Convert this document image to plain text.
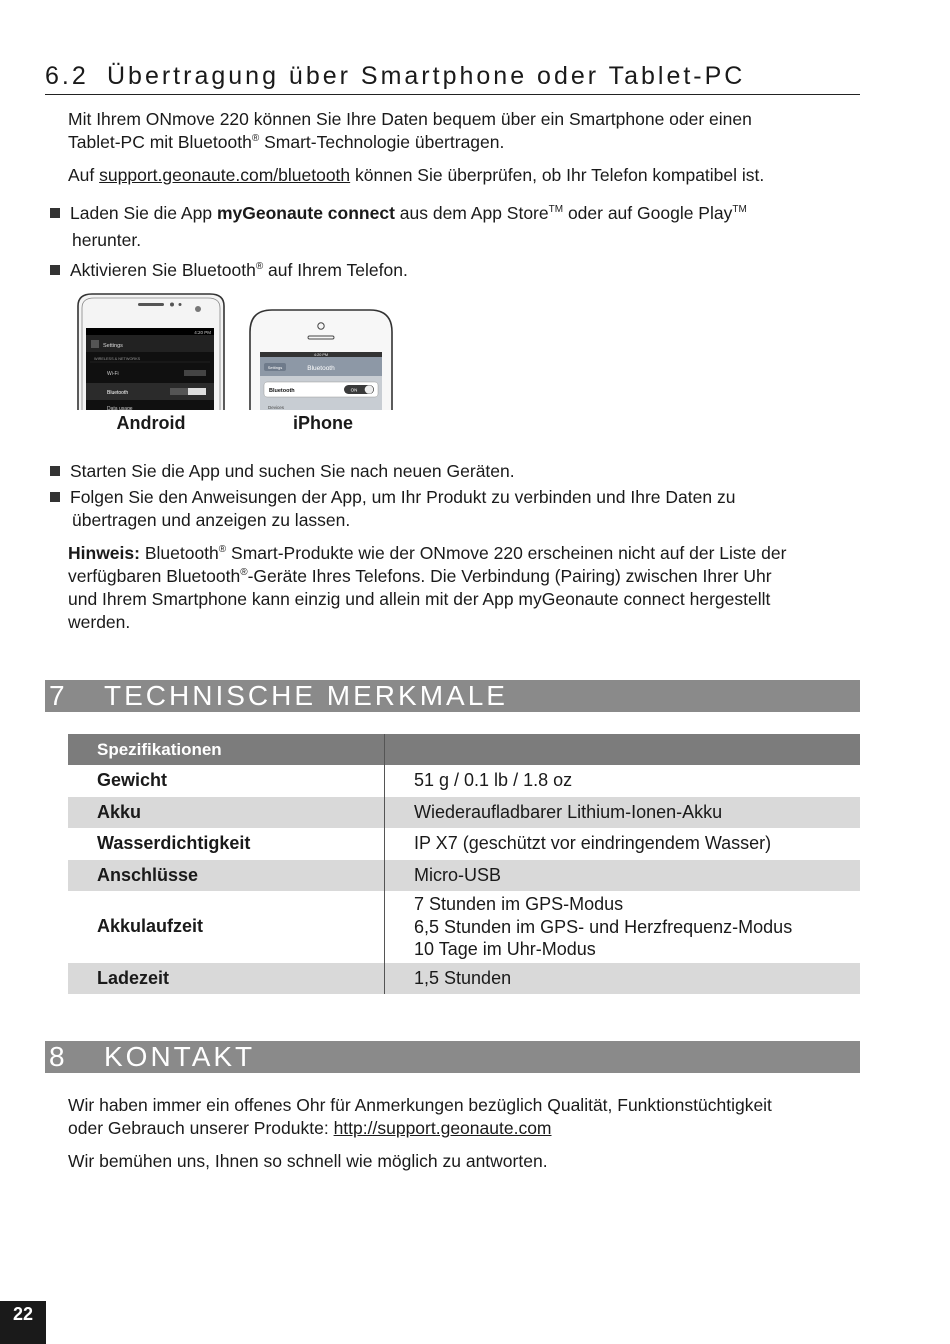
6.2 Übertragung über Smartphone oder Tablet-PC
Mit Ihrem ONmove 220 können Sie Ihre Daten bequem über ein Smartphone oder einen
Tablet-PC mit Bluetooth® Smart-Technologie übertragen.
Auf support.geonaute.com/bluetooth können Sie überprüfen, ob Ihr Telefon kompatibel ist.
Laden Sie die App myGeonaute connect aus dem App Store™ oder auf Google Play™
herunter.
Aktivieren Sie Bluetooth® auf Ihrem Telefon.
4:20 PM
Settings
WIRELESS & NETWORKS
Wi-Fi
Bluetooth
Data usage
4:20 PM
Settings	Bluetooth
Bluetooth	ON
Devices
Android	iPhone
Starten Sie die App und suchen Sie nach neuen Geräten.
Folgen Sie den Anweisungen der App, um Ihr Produkt zu verbinden und Ihre Daten zu
übertragen und anzeigen zu lassen.
Hinweis: Bluetooth® Smart-Produkte wie der ONmove 220 erscheinen nicht auf der Liste der
verfügbaren Bluetooth®-Geräte Ihres Telefons. Die Verbindung (Pairing) zwischen Ihrer Uhr
und Ihrem Smartphone kann einzig und allein mit der App myGeonaute connect hergestellt
werden.
7 TECHNISCHE MERKMALE
Spezifikationen	
Gewicht	51 g / 0.1 lb / 1.8 oz
Akku	Wiederaufladbarer Lithium-Ionen-Akku
Wasserdichtigkeit	IP X7 (geschützt vor eindringendem Wasser)
Anschlüsse	Micro-USB
Akkulaufzeit	7 Stunden im GPS-Modus
6,5 Stunden im GPS- und Herzfrequenz-Modus
10 Tage im Uhr-Modus

Ladezeit	1,5 Stunden
8 KONTAKT
Wir haben immer ein offenes Ohr für Anmerkungen bezüglich Qualität, Funktionstüchtigkeit
oder Gebrauch unserer Produkte: http://support.geonaute.com
Wir bemühen uns, Ihnen so schnell wie möglich zu antworten.
22
